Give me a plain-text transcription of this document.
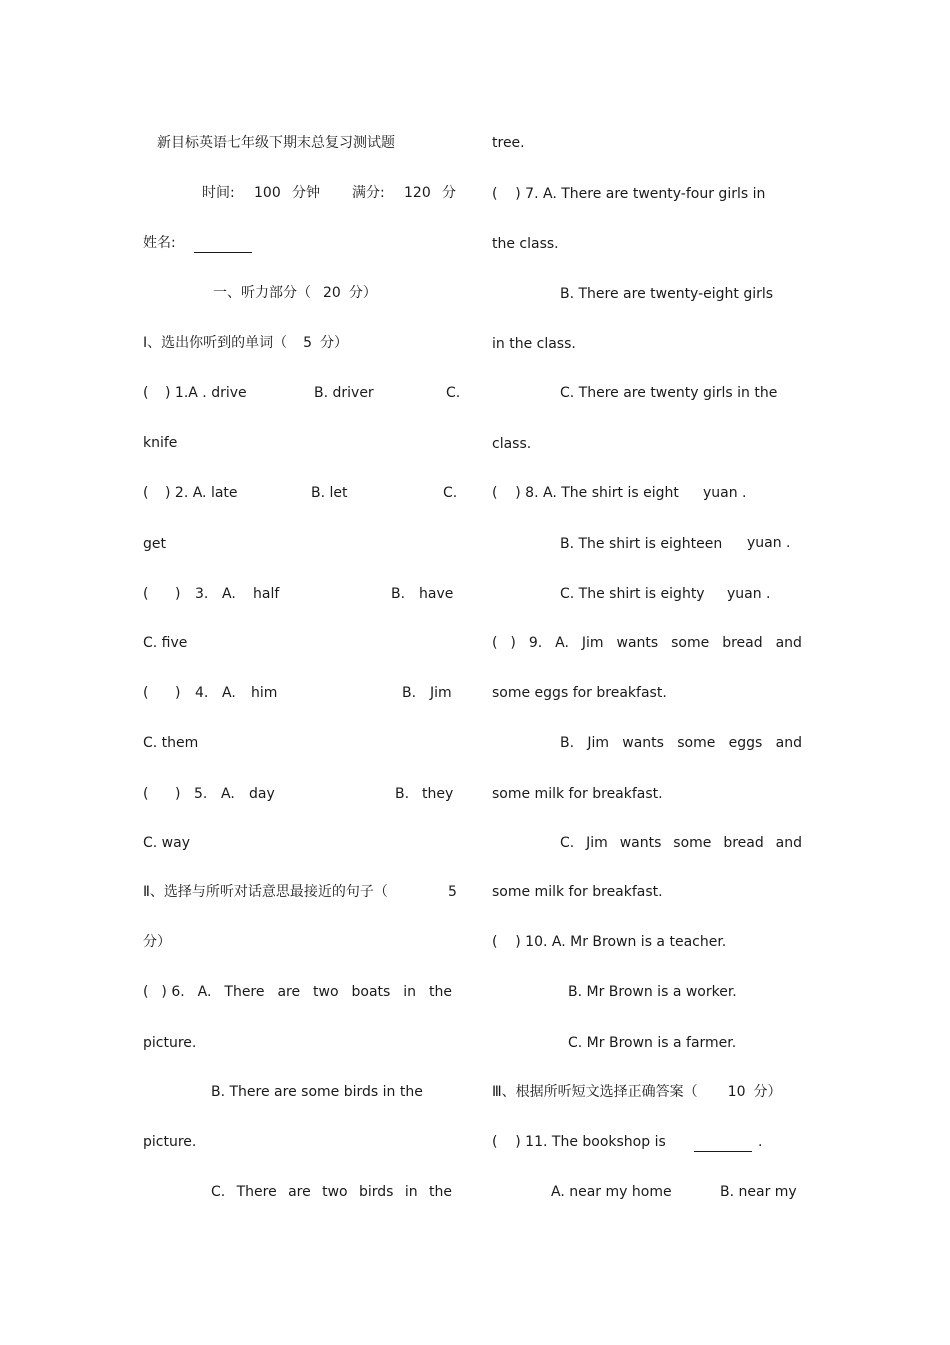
新目标英语七年级下期末总复习测试题
时间: 100 分钟 满分: 120 分
姓名:
一、听力部分（ 20 分）
Ⅰ、选出你听到的单词（ 5 分）
( ) 1.A . drive	B. driver	C.
knife
( ) 2. A. late	B. let	C.
get
( ) 3. A. half	B. have
C. five
( ) 4. A. him	B. Jim
C. them
( ) 5. A. day	B. they
C. way
Ⅱ、选择与所听对话意思最接近的句子（	5
分）
( ) 6. A. There are two boats in the
picture.
B. There are some birds in the
picture.
C. There are two birds in the
tree.
(    ) 7. A. There are twenty-four girls in
the class.
B. There are twenty-eight girls
in the class.
C. There are twenty girls in the
class.
(    ) 8. A. The shirt is eight yuan .
B. The shirt is eighteen yuan .
C. The shirt is eighty yuan .
( ) 9. A. Jim wants some bread and
some eggs for breakfast.
B. Jim wants some eggs and
some milk for breakfast.
C. Jim wants some bread and
some milk for breakfast.
(    ) 10. A. Mr Brown is a teacher.
B. Mr Brown is a worker.
C. Mr Brown is a farmer.
Ⅲ、根据所听短文选择正确答案（ 10 分）
(    ) 11. The bookshop is	.
A. near my home	B. near my
